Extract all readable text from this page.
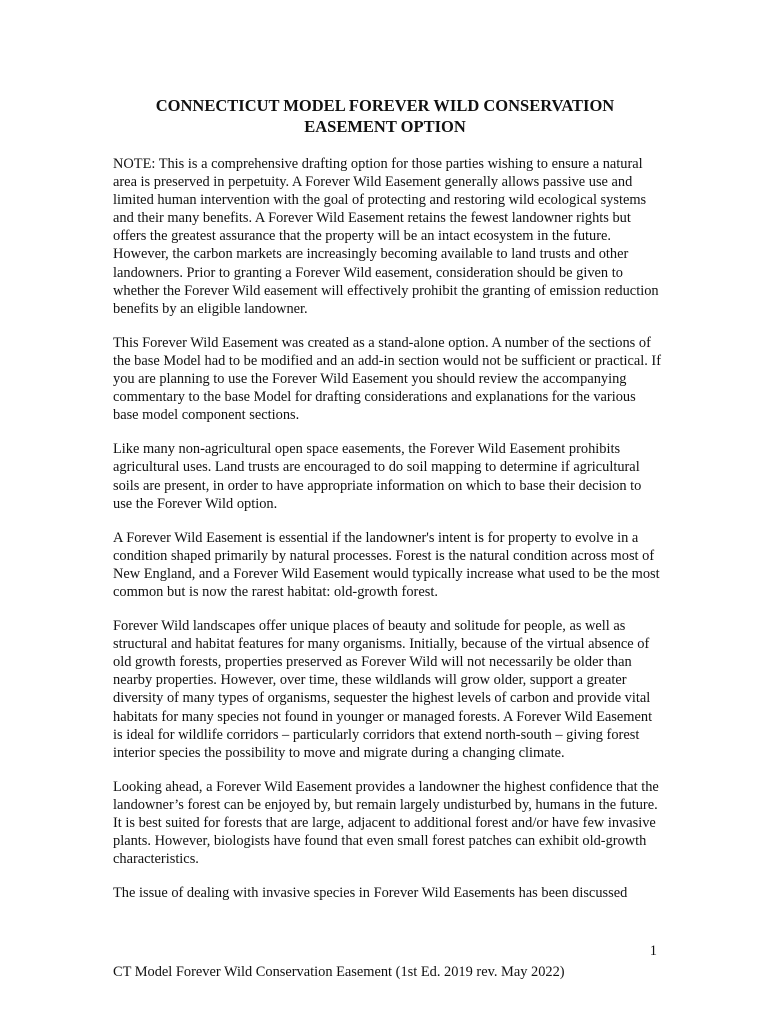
CONNECTICUT MODEL FOREVER WILD CONSERVATION
EASEMENT OPTION

NOTE: This is a comprehensive drafting option for those parties wishing to ensure a natural area is preserved in perpetuity. A Forever Wild Easement generally allows passive use and limited human intervention with the goal of protecting and restoring wild ecological systems and their many benefits. A Forever Wild Easement retains the fewest landowner rights but offers the greatest assurance that the property will be an intact ecosystem in the future. However, the carbon markets are increasingly becoming available to land trusts and other landowners. Prior to granting a Forever Wild easement, consideration should be given to whether the Forever Wild easement will effectively prohibit the granting of emission reduction benefits by an eligible landowner.

This Forever Wild Easement was created as a stand-alone option. A number of the sections of the base Model had to be modified and an add-in section would not be sufficient or practical. If you are planning to use the Forever Wild Easement you should review the accompanying commentary to the base Model for drafting considerations and explanations for the various base model component sections.

Like many non-agricultural open space easements, the Forever Wild Easement prohibits agricultural uses. Land trusts are encouraged to do soil mapping to determine if agricultural soils are present, in order to have appropriate information on which to base their decision to use the Forever Wild option.

A Forever Wild Easement is essential if the landowner's intent is for property to evolve in a condition shaped primarily by natural processes. Forest is the natural condition across most of New England, and a Forever Wild Easement would typically increase what used to be the most common but is now the rarest habitat: old-growth forest.

Forever Wild landscapes offer unique places of beauty and solitude for people, as well as structural and habitat features for many organisms. Initially, because of the virtual absence of old growth forests, properties preserved as Forever Wild will not necessarily be older than nearby properties. However, over time, these wildlands will grow older, support a greater diversity of many types of organisms, sequester the highest levels of carbon and provide vital habitats for many species not found in younger or managed forests. A Forever Wild Easement is ideal for wildlife corridors – particularly corridors that extend north-south – giving forest interior species the possibility to move and migrate during a changing climate.

Looking ahead, a Forever Wild Easement provides a landowner the highest confidence that the landowner’s forest can be enjoyed by, but remain largely undisturbed by, humans in the future. It is best suited for forests that are large, adjacent to additional forest and/or have few invasive plants. However, biologists have found that even small forest patches can exhibit old-growth characteristics.

The issue of dealing with invasive species in Forever Wild Easements has been discussed

1
CT Model Forever Wild Conservation Easement (1st Ed. 2019 rev. May 2022)
